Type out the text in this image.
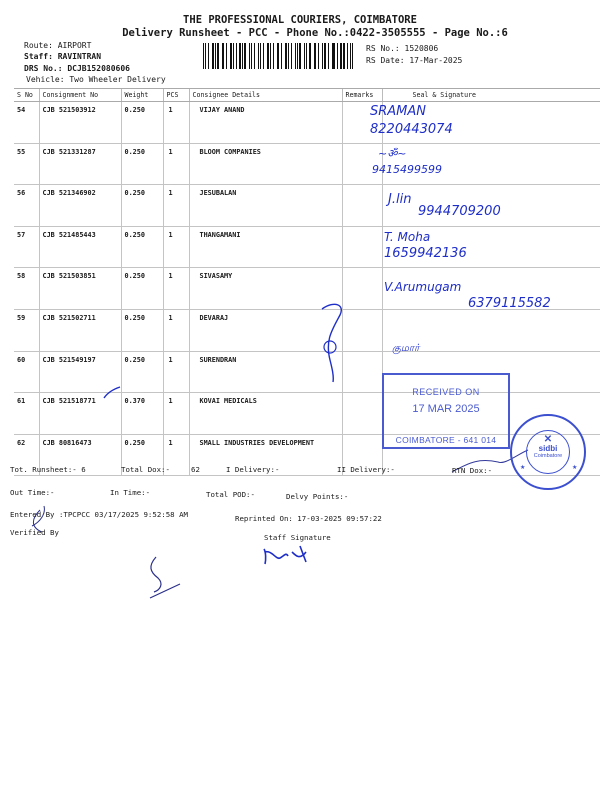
THE PROFESSIONAL COURIERS, COIMBATORE
Delivery Runsheet - PCC - Phone No.:0422-3505555 - Page No.:6
Route: AIRPORT
Staff: RAVINTRAN
DRS No.: DCJB152080606
Vehicle: Two Wheeler Delivery
RS No.: 1520806
RS Date: 17-Mar-2025
S No	Consignment No	Weight	PCS	Consignee Details	Remarks	Seal & Signature
54	CJB 521503912	0.250	1	VIJAY ANAND		
55	CJB 521331287	0.250	1	BLOOM COMPANIES		
56	CJB 521346902	0.250	1	JESUBALAN		
57	CJB 521485443	0.250	1	THANGAMANI		
58	CJB 521503851	0.250	1	SIVASAMY		
59	CJB 521502711	0.250	1	DEVARAJ		
60	CJB 521549197	0.250	1	SURENDRAN		
61	CJB 521518771	0.370	1	KOVAI MEDICALS		
62	CJB 80816473	0.250	1	SMALL INDUSTRIES DEVELOPMENT		
SRAMAN
8220443074
~ॐ~
9415499599
J.lin
9944709200
T. Moha
1659942136
V.Arumugam
6379115582
குமார்
RECEIVED ON
17 MAR 2025
COIMBATORE - 641 014	✕
sidbi
Coimbatore
★	★
Tot. Runsheet:- 6	Total Dox:-	62	I Delivery:-	II Delivery:-	RTN Dox:-
Out Time:-	In Time:-	Total POD:-	Delvy Points:-
Entered By :TPCPCC 03/17/2025 9:52:58 AM	Reprinted On: 17-03-2025 09:57:22
Verified By
Staff Signature
